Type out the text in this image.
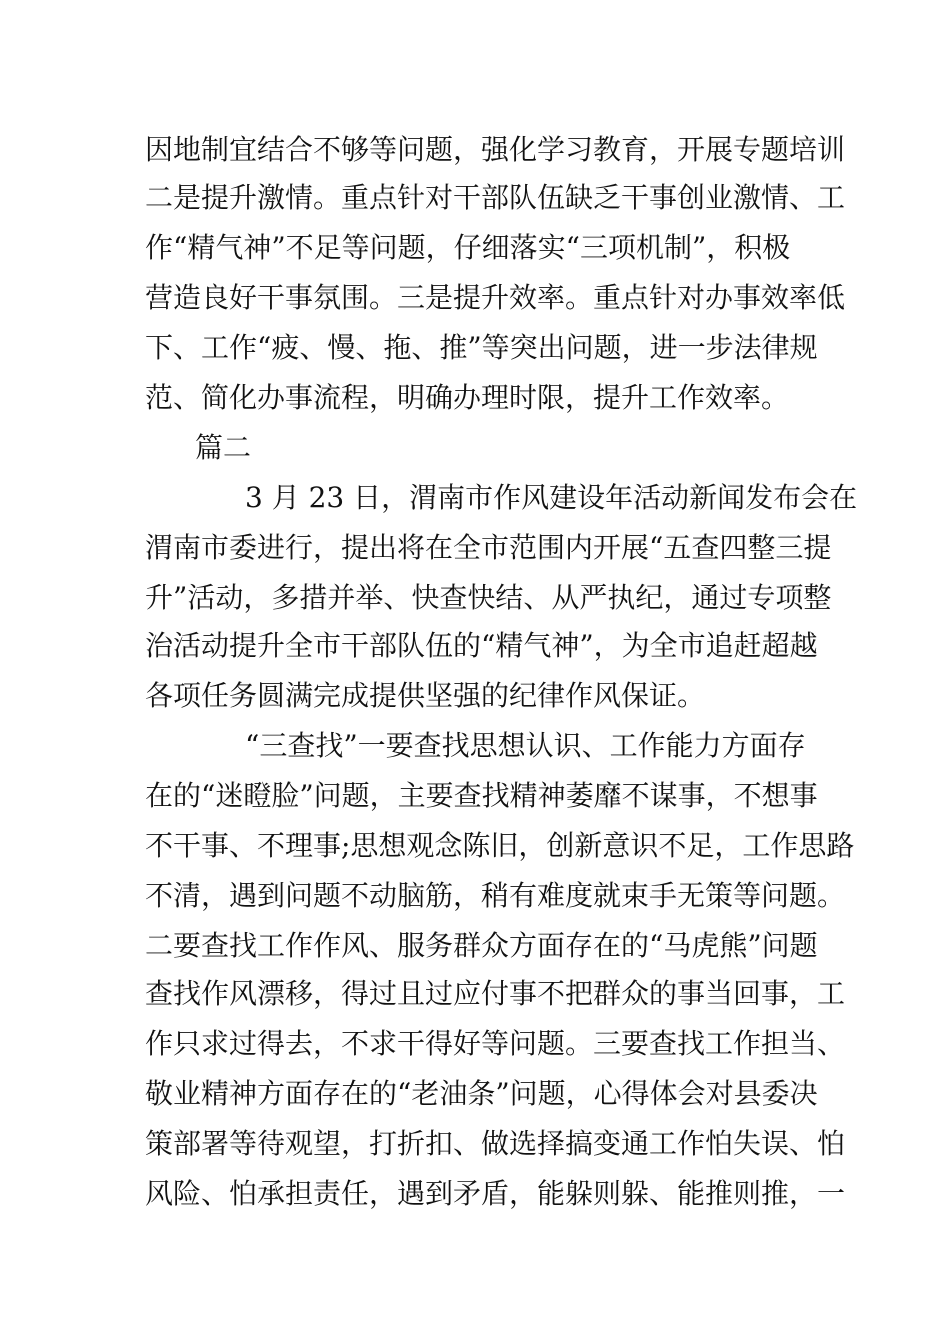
因地制宜结合不够等问题，强化学习教育，开展专题培训
二是提升激情。重点针对干部队伍缺乏干事创业激情、工
作“精气神”不足等问题，仔细落实“三项机制”，积极
营造良好干事氛围。三是提升效率。重点针对办事效率低
下、工作“疲、慢、拖、推”等突出问题，进一步法律规
范、简化办事流程，明确办理时限，提升工作效率。
篇二
3 月 23 日，渭南市作风建设年活动新闻发布会在
渭南市委进行，提出将在全市范围内开展“五查四整三提
升”活动，多措并举、快查快结、从严执纪，通过专项整
治活动提升全市干部队伍的“精气神”，为全市追赶超越
各项任务圆满完成提供坚强的纪律作风保证。
“三查找”一要查找思想认识、工作能力方面存
在的“迷瞪脸”问题，主要查找精神萎靡不谋事，不想事
不干事、不理事;思想观念陈旧，创新意识不足，工作思路
不清，遇到问题不动脑筋，稍有难度就束手无策等问题。
二要查找工作作风、服务群众方面存在的“马虎熊”问题
查找作风漂移，得过且过应付事不把群众的事当回事，工
作只求过得去，不求干得好等问题。三要查找工作担当、
敬业精神方面存在的“老油条”问题，心得体会对县委决
策部署等待观望，打折扣、做选择搞变通工作怕失误、怕
风险、怕承担责任，遇到矛盾，能躲则躲、能推则推，一
